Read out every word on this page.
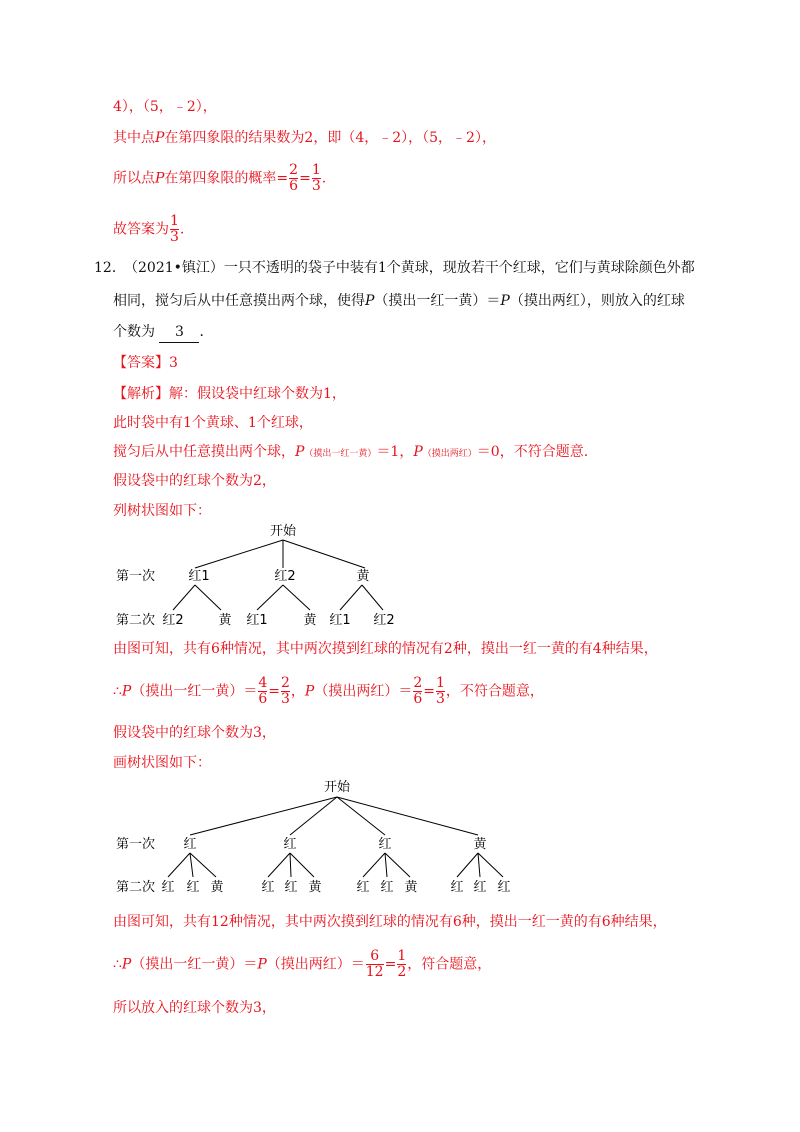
4），（5，﹣2），
其中点P在第四象限的结果数为2，即（4，﹣2），（5，﹣2），
所以点P在第四象限的概率= $\frac{2}{6} = \frac{1}{3}$ .
故答案为 $\frac{1}{3}$ .
12．
（2021•镇江）一只不透明的袋子中装有1个黄球，现放若干个红球，它们与黄球除颜色外都
相同，搅匀后从中任意摸出两个球，使得P（摸出一红一黄）＝P（摸出两红），则放入的红球
个数为 3 ．
【答案】3
【解析】解：假设袋中红球个数为1，
此时袋中有1个黄球、1个红球，
搅匀后从中任意摸出两个球，P（摸出一红一黄）＝1，P（摸出两红）＝0，不符合题意.
假设袋中的红球个数为2，
列树状图如下：
开始
第一次	红1	红2	黄
第二次 红2	黄 红1	黄 红1 红2
由图可知，共有6种情况，其中两次摸到红球的情况有2种，摸出一红一黄的有4种结果，
∴P（摸出一红一黄）＝ $\frac{4}{6} = \frac{2}{3}$ ，P（摸出两红）＝ $\frac{2}{6} = \frac{1}{3}$ ，不符合题意，
假设袋中的红球个数为3，
画树状图如下：
开始
第一次 红	红	红	黄
第二次 红 红 黄	红 红 黄	红 红 黄	红 红 红
由图可知，共有12种情况，其中两次摸到红球的情况有6种，摸出一红一黄的有6种结果，
∴P（摸出一红一黄）＝P（摸出两红）＝ $\frac{6}{12} = \frac{1}{2}$ ，符合题意，
所以放入的红球个数为3，
